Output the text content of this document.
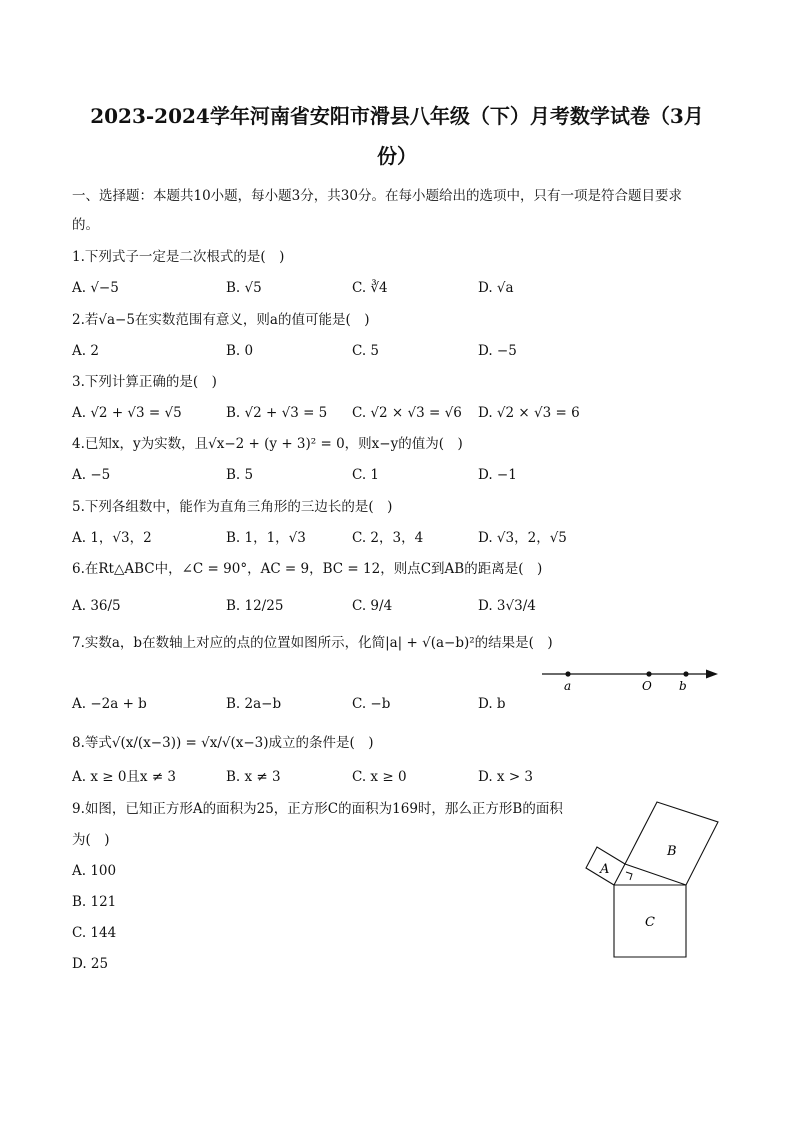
2023-2024学年河南省安阳市滑县八年级（下）月考数学试卷（3月
份）
一、选择题：本题共10小题，每小题3分，共30分。在每小题给出的选项中，只有一项是符合题目要求
的。
1.下列式子一定是二次根式的是(　)
A. √−5	B. √5	C. ∛4	D. √a
2.若√a−5在实数范围有意义，则a的值可能是(　)
A. 2	B. 0	C. 5	D. −5
3.下列计算正确的是(　)
A. √2 + √3 = √5	B. √2 + √3 = 5 C. √2 × √3 = √6 D. √2 × √3 = 6
4.已知x，y为实数，且√x−2 + (y + 3)² = 0，则x−y的值为(　)
A. −5	B. 5	C. 1	D. −1
5.下列各组数中，能作为直角三角形的三边长的是(　)
A. 1，√3，2	B. 1，1，√3	C. 2，3，4	D. √3，2，√5
6.在Rt△ABC中，∠C = 90°，AC = 9，BC = 12，则点C到AB的距离是(　)
A. 36/5	B. 12/25	C. 9/4	D. 3√3/4
7.实数a，b在数轴上对应的点的位置如图所示，化简|a| + √(a−b)²的结果是(　)
a	O b
A. −2a + b	B. 2a−b	C. −b	D. b
8.等式√(x/(x−3)) = √x/√(x−3)成立的条件是(　)
A. x ≥ 0且x ≠ 3	B. x ≠ 3	C. x ≥ 0	D. x > 3
9.如图，已知正方形A的面积为25，正方形C的面积为169时，那么正方形B的面积
为(　)
A. 100
B. 121
C. 144
D. 25
A
B
C
